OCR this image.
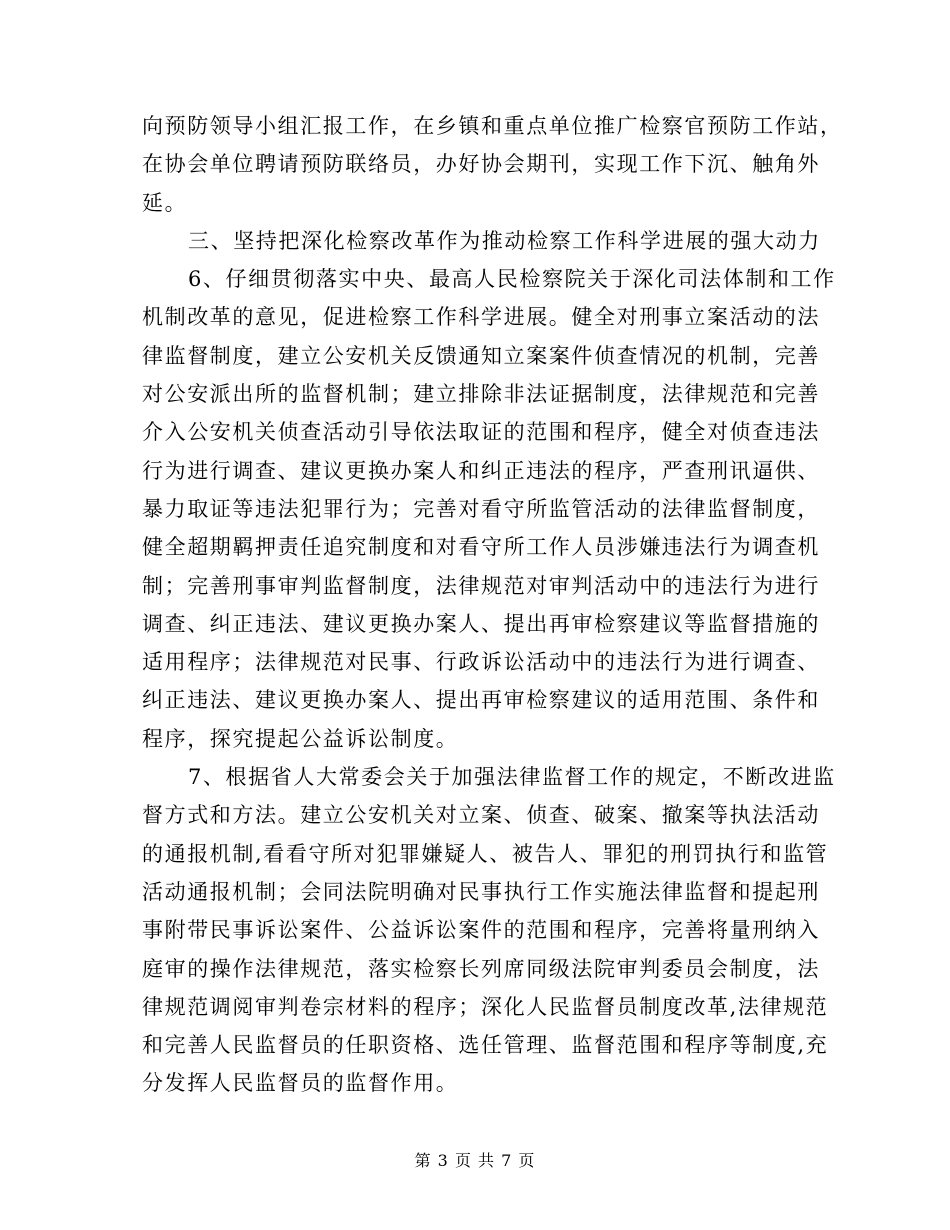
向预防领导小组汇报工作，在乡镇和重点单位推广检察官预防工作站，
在协会单位聘请预防联络员，办好协会期刊，实现工作下沉、触角外
延。
三、坚持把深化检察改革作为推动检察工作科学进展的强大动力
6、仔细贯彻落实中央、最高人民检察院关于深化司法体制和工作
机制改革的意见，促进检察工作科学进展。健全对刑事立案活动的法
律监督制度，建立公安机关反馈通知立案案件侦查情况的机制，完善
对公安派出所的监督机制；建立排除非法证据制度，法律规范和完善
介入公安机关侦查活动引导依法取证的范围和程序，健全对侦查违法
行为进行调查、建议更换办案人和纠正违法的程序，严查刑讯逼供、
暴力取证等违法犯罪行为；完善对看守所监管活动的法律监督制度，
健全超期羁押责任追究制度和对看守所工作人员涉嫌违法行为调查机
制；完善刑事审判监督制度，法律规范对审判活动中的违法行为进行
调查、纠正违法、建议更换办案人、提出再审检察建议等监督措施的
适用程序；法律规范对民事、行政诉讼活动中的违法行为进行调查、
纠正违法、建议更换办案人、提出再审检察建议的适用范围、条件和
程序，探究提起公益诉讼制度。
7、根据省人大常委会关于加强法律监督工作的规定，不断改进监
督方式和方法。建立公安机关对立案、侦查、破案、撤案等执法活动
的通报机制,看看守所对犯罪嫌疑人、被告人、罪犯的刑罚执行和监管
活动通报机制；会同法院明确对民事执行工作实施法律监督和提起刑
事附带民事诉讼案件、公益诉讼案件的范围和程序，完善将量刑纳入
庭审的操作法律规范，落实检察长列席同级法院审判委员会制度，法
律规范调阅审判卷宗材料的程序；深化人民监督员制度改革,法律规范
和完善人民监督员的任职资格、选任管理、监督范围和程序等制度,充
分发挥人民监督员的监督作用。
第 3 页 共 7 页
